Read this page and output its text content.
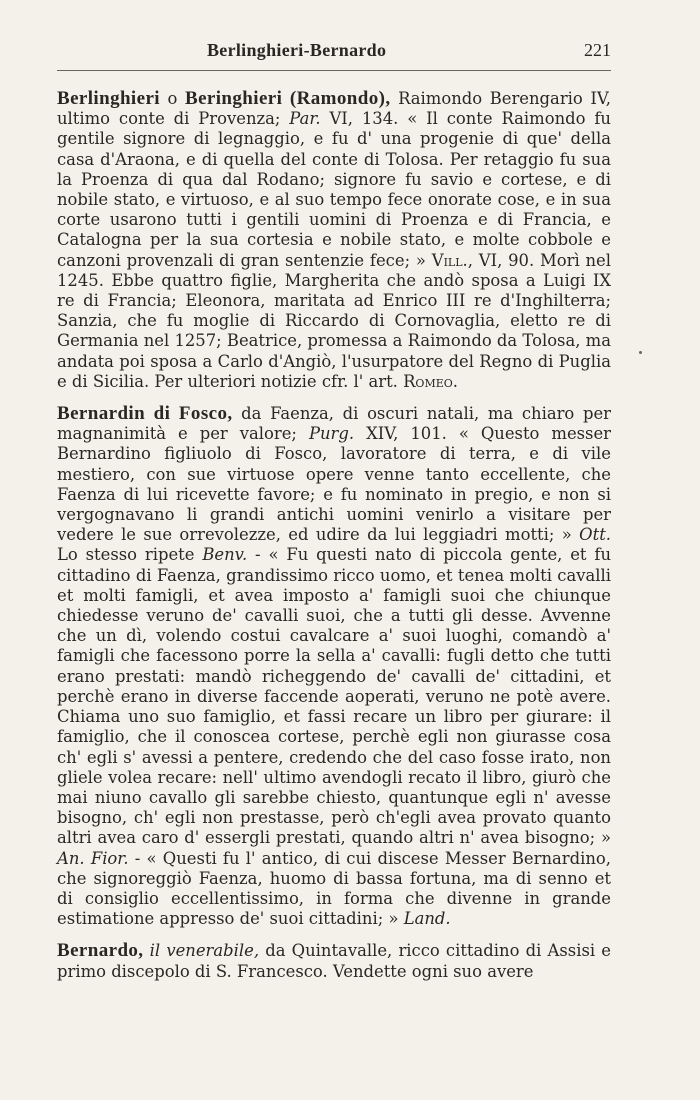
Berlinghieri-Bernardo	221

Berlinghieri o Beringhieri (Ramondo), Raimondo Berengario IV, ultimo conte di Provenza; Par. VI, 134. « Il conte Raimondo fu gentile signore di legnaggio, e fu d' una progenie di que' della casa d'Araona, e di quella del conte di Tolosa. Per retaggio fu sua la Proenza di qua dal Rodano; signore fu savio e cortese, e di nobile stato, e virtuoso, e al suo tempo fece onorate cose, e in sua corte usarono tutti i gentili uomini di Proenza e di Francia, e Catalogna per la sua cortesia e nobile stato, e molte cobbole e canzoni provenzali di gran sentenzie fece; » Vill., VI, 90. Morì nel 1245. Ebbe quattro figlie, Margherita che andò sposa a Luigi IX re di Francia; Eleonora, maritata ad Enrico III re d'Inghilterra; Sanzia, che fu moglie di Riccardo di Cornovaglia, eletto re di Germania nel 1257; Beatrice, promessa a Raimondo da Tolosa, ma andata poi sposa a Carlo d'Angiò, l'usurpatore del Regno di Puglia e di Sicilia. Per ulteriori notizie cfr. l' art. Romeo.

Bernardin di Fosco, da Faenza, di oscuri natali, ma chiaro per magnanimità e per valore; Purg. XIV, 101. « Questo messer Bernardino figliuolo di Fosco, lavoratore di terra, e di vile mestiero, con sue virtuose opere venne tanto eccellente, che Faenza di lui ricevette favore; e fu nominato in pregio, e non si vergognavano li grandi antichi uomini venirlo a visitare per vedere le sue orrevolezze, ed udire da lui leggiadri motti; » Ott. Lo stesso ripete Benv. - « Fu questi nato di piccola gente, et fu cittadino di Faenza, grandissimo ricco uomo, et tenea molti cavalli et molti famigli, et avea imposto a' famigli suoi che chiunque chiedesse veruno de' cavalli suoi, che a tutti gli desse. Avvenne che un dì, volendo costui cavalcare a' suoi luoghi, comandò a' famigli che facessono porre la sella a' cavalli: fugli detto che tutti erano prestati: mandò richeggendo de' cavalli de' cittadini, et perchè erano in diverse faccende aoperati, veruno ne potè avere. Chiama uno suo famiglio, et fassi recare un libro per giurare: il famiglio, che il conoscea cortese, perchè egli non giurasse cosa ch' egli s' avessi a pentere, credendo che del caso fosse irato, non gliele volea recare: nell' ultimo avendogli recato il libro, giurò che mai niuno cavallo gli sarebbe chiesto, quantunque egli n' avesse bisogno, ch' egli non prestasse, però ch'egli avea provato quanto altri avea caro d' essergli prestati, quando altri n' avea bisogno; » An. Fior. - « Questi fu l' antico, di cui discese Messer Bernardino, che signoreggiò Faenza, huomo di bassa fortuna, ma di senno et di consiglio eccellentissimo, in forma che divenne in grande estimatione appresso de' suoi cittadini; » Land.

Bernardo, il venerabile, da Quintavalle, ricco cittadino di Assisi e primo discepolo di S. Francesco. Vendette ogni suo avere
